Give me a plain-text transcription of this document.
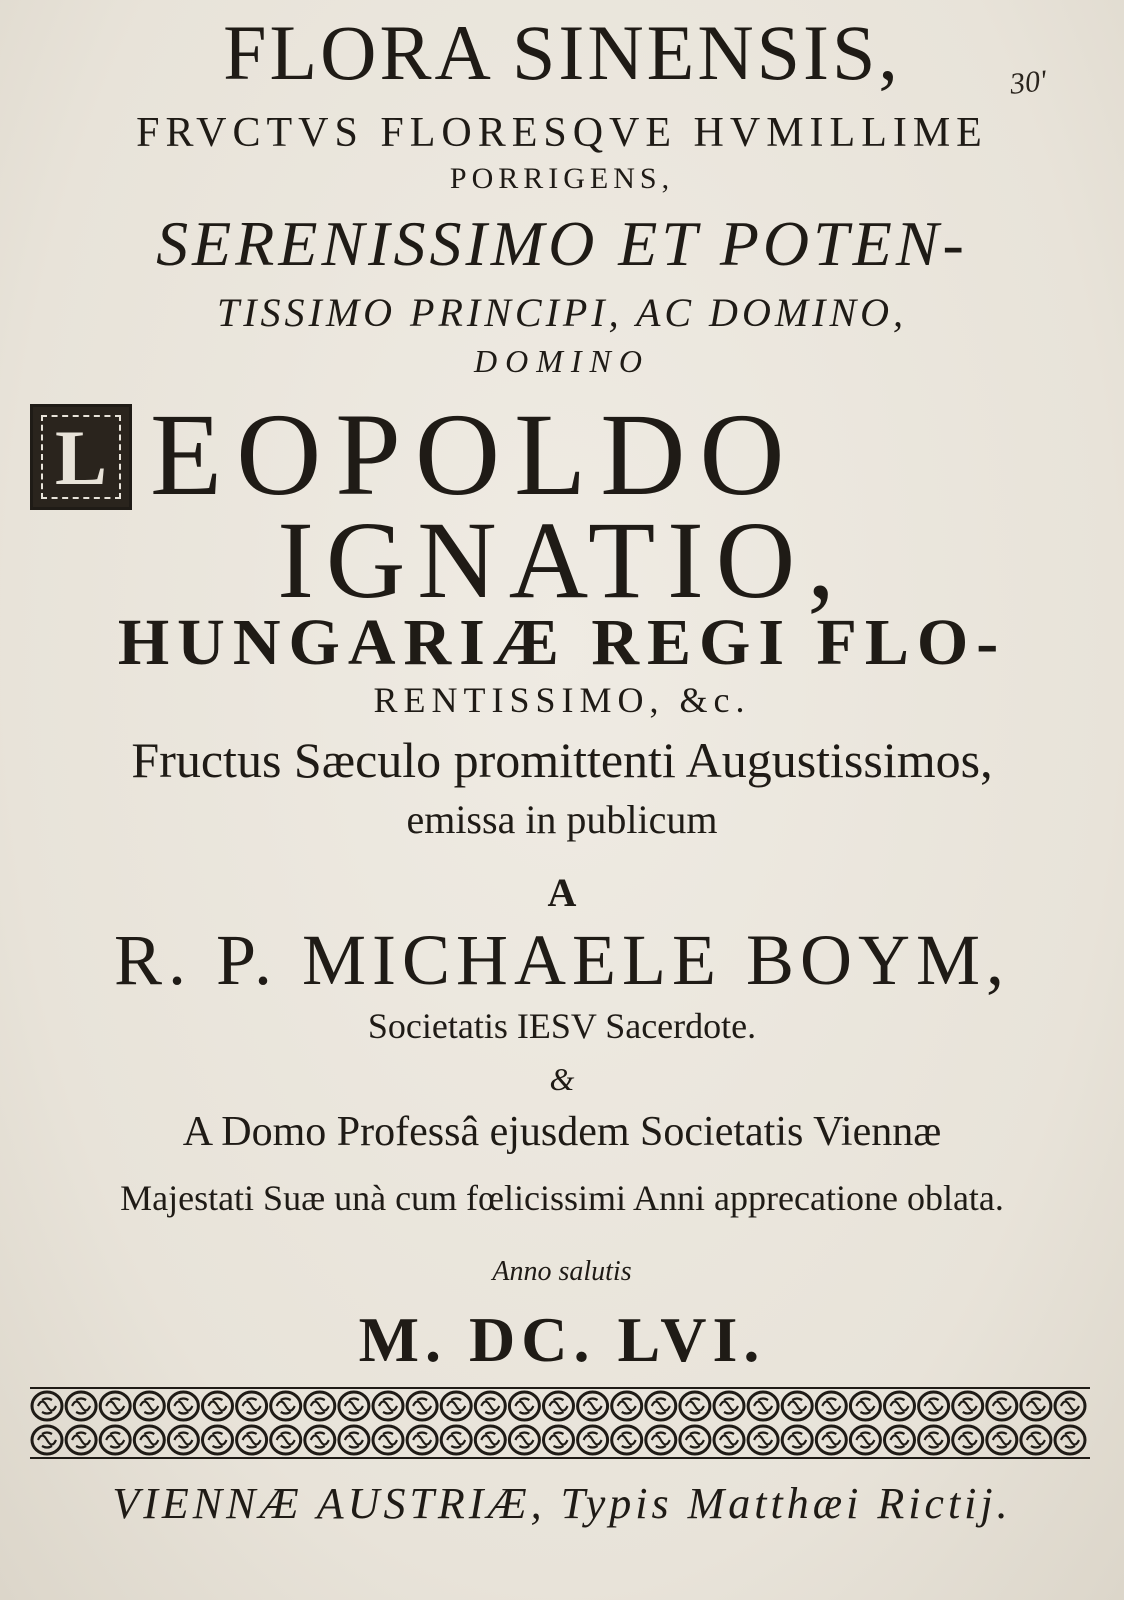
30'
FLORA SINENSIS,
FRVCTVS FLORESQVE HVMILLIME
PORRIGENS,
SERENISSIMO ET POTEN-
TISSIMO PRINCIPI, AC DOMINO,
DOMINO
L EOPOLDO
IGNATIO,
HUNGARIÆ REGI FLO-
RENTISSIMO, &c.
Fructus Sæculo promittenti Augustissimos,
emissa in publicum
A
R. P. MICHAELE BOYM,
Societatis IESV Sacerdote.
&
A Domo Professâ ejusdem Societatis Viennæ
Majestati Suæ unà cum fœlicissimi Anni apprecatione oblata.
Anno salutis
M. DC. LVI.
VIENNÆ AUSTRIÆ, Typis Matthæi Rictij.
